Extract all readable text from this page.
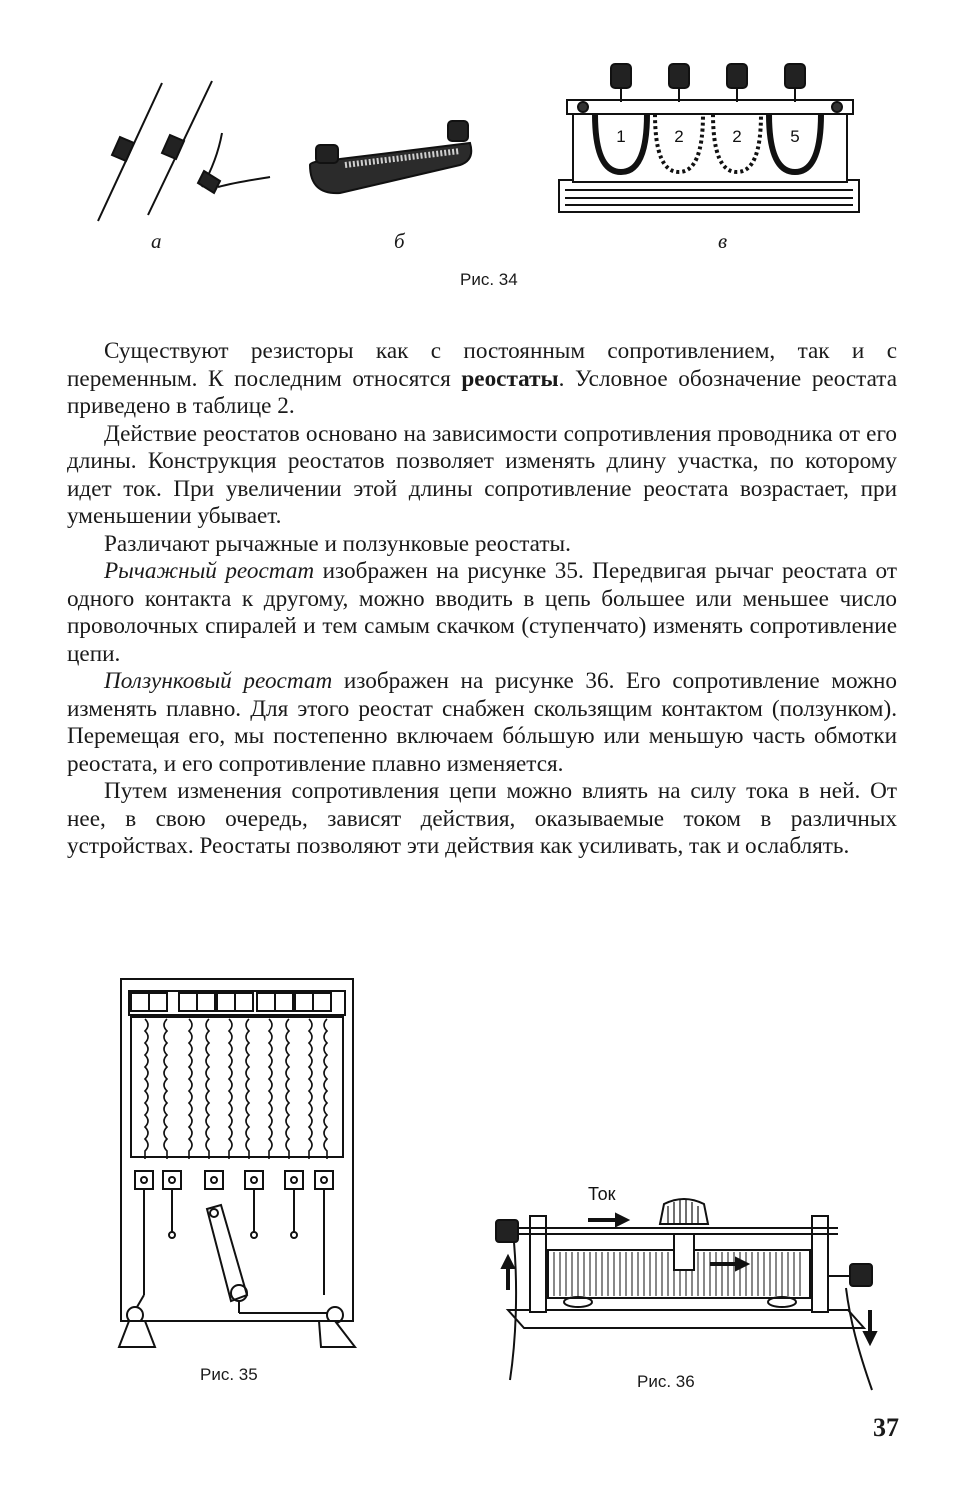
1	2	2	5
а	б	в
Рис. 34

Существуют резисторы как с постоянным сопротивлением, так и с переменным. К последним относятся реостаты. Условное обозначение реостата приведено в таблице 2.

Действие реостатов основано на зависимости сопротивления проводника от его длины. Конструкция реостатов позволяет изменять длину участка, по которому идет ток. При увеличении этой длины сопротивление реостата возрастает, при уменьшении убывает.

Различают рычажные и ползунковые реостаты.

Рычажный реостат изображен на рисунке 35. Передвигая рычаг реостата от одного контакта к другому, можно вводить в цепь большее или меньшее число проволочных спиралей и тем самым скачком (ступенчато) изменять сопротивление цепи.

Ползунковый реостат изображен на рисунке 36. Его сопротивление можно изменять плавно. Для этого реостат снабжен скользящим контактом (ползунком). Перемещая его, мы постепенно включаем бóльшую или меньшую часть обмотки реостата, и его сопротивление плавно изменяется.

Путем изменения сопротивления цепи можно влиять на силу тока в ней. От нее, в свою очередь, зависят действия, оказываемые током в различных устройствах. Реостаты позволяют эти действия как усиливать, так и ослаблять.

Рис. 35
Ток
Рис. 36
37
